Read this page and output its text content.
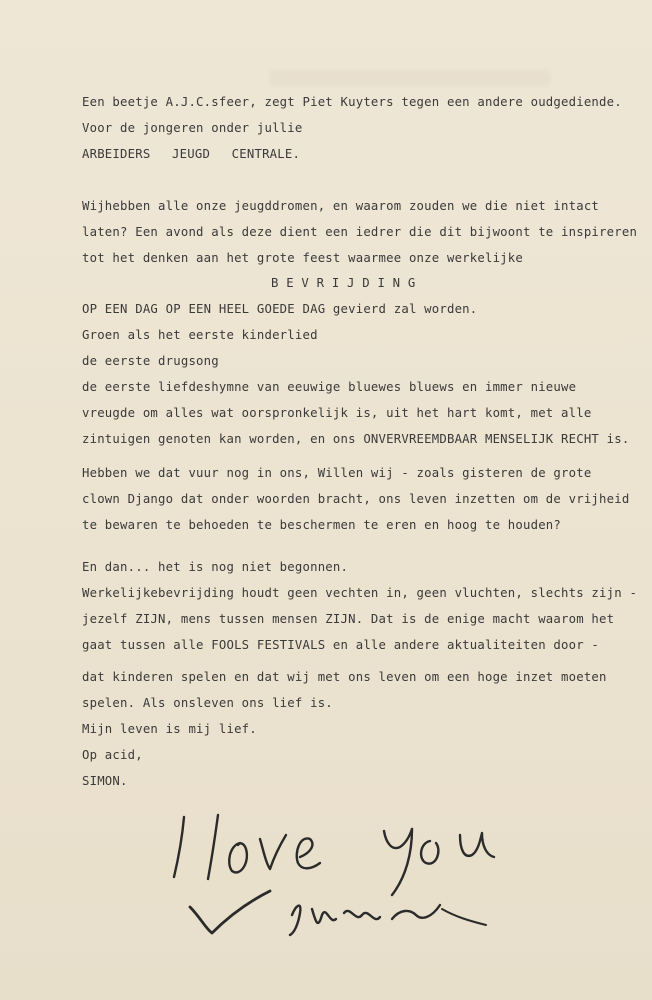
Een beetje A.J.C.sfeer, zegt Piet Kuyters tegen een andere oudgediende.
Voor de jongeren onder jullie
ARBEIDERS JEUGD CENTRALE.
Wijhebben alle onze jeugddromen, en waarom zouden we die niet intact
laten? Een avond als deze dient een iedrer die dit bijwoont te inspireren
tot het denken aan het grote feest waarmee onze werkelijke
B E V R I J D I N G
OP EEN DAG OP EEN HEEL GOEDE DAG gevierd zal worden.
Groen als het eerste kinderlied
de eerste drugsong
de eerste liefdeshymne van eeuwige bluewes bluews en immer nieuwe
vreugde om alles wat oorspronkelijk is, uit het hart komt, met alle
zintuigen genoten kan worden, en ons ONVERVREEMDBAAR MENSELIJK RECHT is.
Hebben we dat vuur nog in ons, Willen wij - zoals gisteren de grote
clown Django dat onder woorden bracht, ons leven inzetten om de vrijheid
te bewaren te behoeden te beschermen te eren en hoog te houden?
En dan... het is nog niet begonnen.
Werkelijkebevrijding houdt geen vechten in, geen vluchten, slechts zijn -
jezelf ZIJN, mens tussen mensen ZIJN. Dat is de enige macht waarom het
gaat tussen alle FOOLS FESTIVALS en alle andere aktualiteiten door -
dat kinderen spelen en dat wij met ons leven om een hoge inzet moeten
spelen. Als onsleven ons lief is.
Mijn leven is mij lief.
Op acid,
SIMON.
